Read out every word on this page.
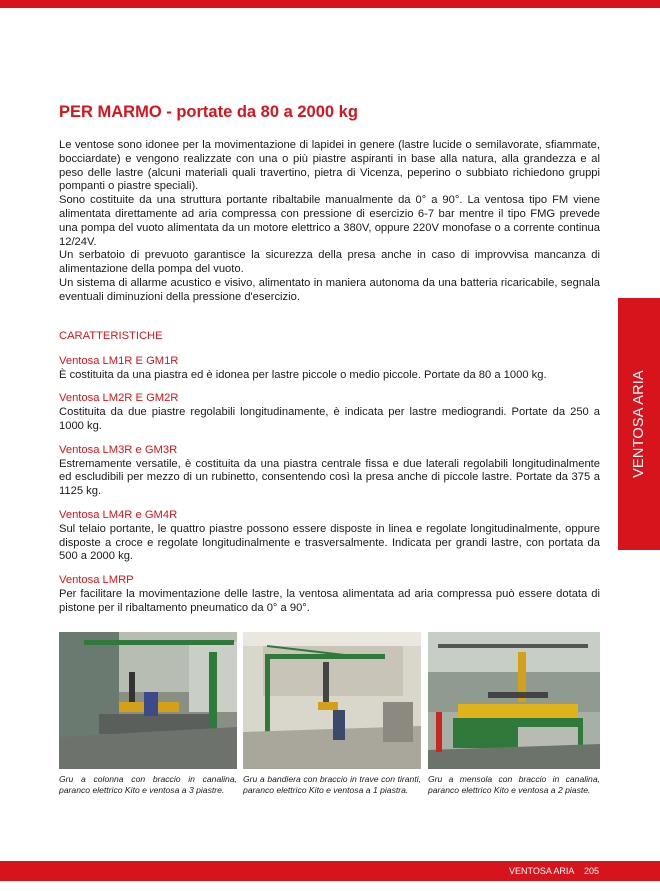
VENTOSA ARIA
PER MARMO - portate da 80 a 2000 kg

Le ventose sono idonee per la movimentazione di lapidei in genere (lastre lucide o semilavorate, sfiammate, bocciardate) e vengono realizzate con una o più piastre aspiranti in base alla natura, alla grandezza e al peso delle lastre (alcuni materiali quali travertino, pietra di Vicenza, peperino o subbiato richiedono gruppi pompanti o piastre speciali).

Sono costituite da una struttura portante ribaltabile manualmente da 0° a 90°. La ventosa tipo FM viene alimentata direttamente ad aria compressa con pressione di esercizio 6-7 bar mentre il tipo FMG prevede una pompa del vuoto alimentata da un motore elettrico a 380V, oppure 220V monofase o a corrente continua 12/24V.

Un serbatoio di prevuoto garantisce la sicurezza della presa anche in caso di improvvisa mancanza di alimentazione della pompa del vuoto.

Un sistema di allarme acustico e visivo, alimentato in maniera autonoma da una batteria ricaricabile, segnala eventuali diminuzioni della pressione d'esercizio.

CARATTERISTICHE
Ventosa LM1R E GM1R
È costituita da una piastra ed è idonea per lastre piccole o medio piccole. Portate da 80 a 1000 kg.
Ventosa LM2R E GM2R
Costituita da due piastre regolabili longitudinamente, è indicata per lastre mediograndi. Portate da 250 a 1000 kg.
Ventosa LM3R e GM3R
Estremamente versatile, è costituita da una piastra centrale fissa e due laterali regolabili longitudinalmente ed escludibili per mezzo di un rubinetto, consentendo così la presa anche di piccole lastre. Portate da 375 a 1125 kg.
Ventosa LM4R e GM4R
Sul telaio portante, le quattro piastre possono essere disposte in linea e regolate longitudinalmente, oppure disposte a croce e regolate longitudinalmente e trasversalmente. Indicata per grandi lastre, con portata da 500 a 2000 kg.
Ventosa LMRP
Per facilitare la movimentazione delle lastre, la ventosa alimentata ad aria compressa può essere dotata di pistone per il ribaltamento pneumatico da 0° a 90°.
Gru a colonna con braccio in canalina, paranco elettrico Kito e ventosa a 3 piastre.
Gru a bandiera con braccio in trave con tiranti, paranco elettrico Kito e ventosa a 1 piastra.
Gru a mensola con braccio in canalina, paranco elettrico Kito e ventosa a 2 piaste.
VENTOSA ARIA 205
